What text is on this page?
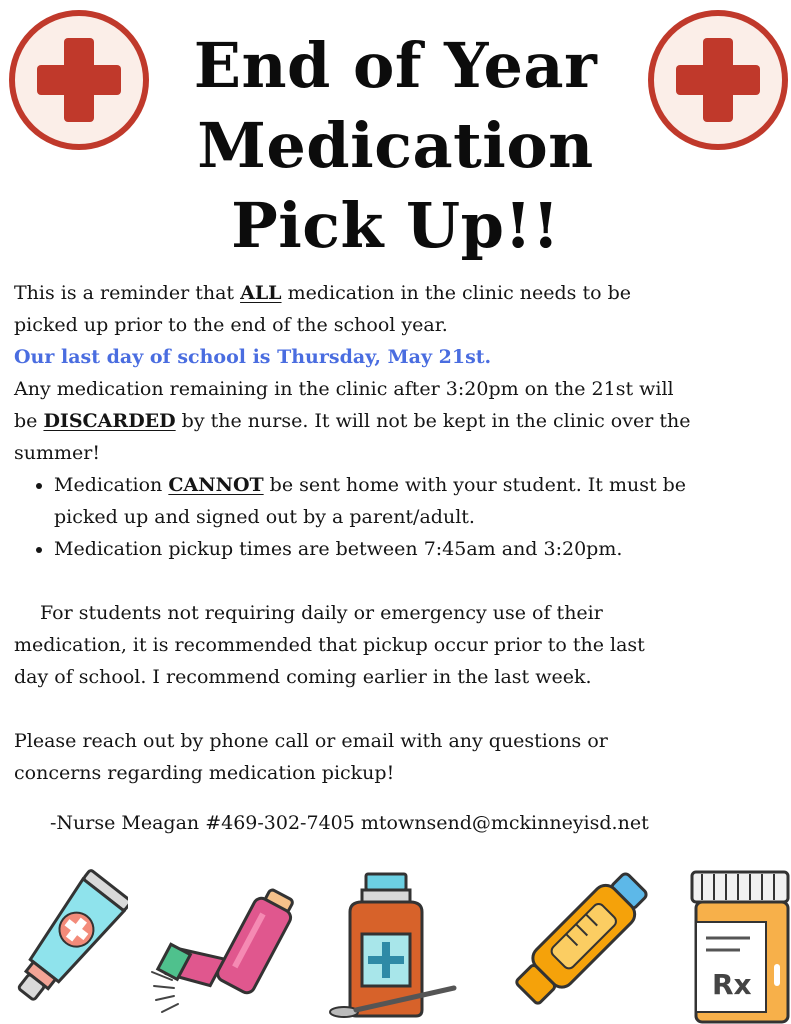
End of Year
Medication
Pick Up!!

This is a reminder that ALL medication in the clinic needs to be

picked up prior to the end of the school year.

Our last day of school is Thursday, May 21st.

Any medication remaining in the clinic after 3:20pm on the 21st will

be DISCARDED by the nurse. It will not be kept in the clinic over the

summer!

• Medication CANNOT be sent home with your student. It must be
picked up and signed out by a parent/adult.
• Medication pickup times are between 7:45am and 3:20pm.

For students not requiring daily or emergency use of their

medication, it is recommended that pickup occur prior to the last

day of school. I recommend coming earlier in the last week.

Please reach out by phone call or email with any questions or

concerns regarding medication pickup!

-Nurse Meagan #469-302-7405 mtownsend@mckinneyisd.net

Rx
